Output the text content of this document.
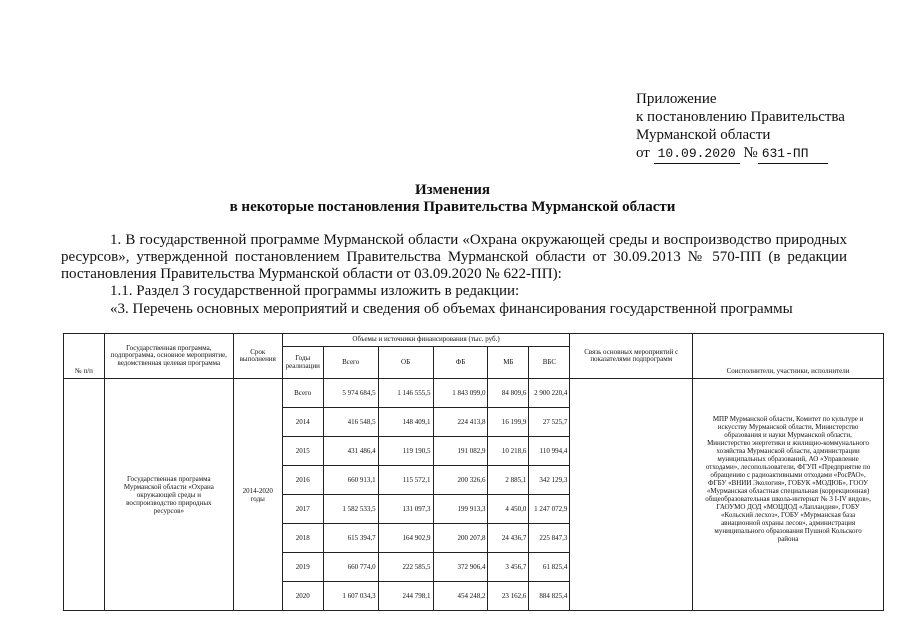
Приложение
к постановлению Правительства
Мурманской области
от 10.09.2020 № 631-ПП
Изменения
в некоторые постановления Правительства Мурманской области
1. В государственной программе Мурманской области «Охрана окружающей среды и воспроизводство природных ресурсов», утвержденной постановлением Правительства Мурманской области от 30.09.2013 № 570-ПП (в редакции постановления Правительства Мурманской области от 03.09.2020 № 622-ПП):
1.1. Раздел 3 государственной программы изложить в редакции:
«3. Перечень основных мероприятий и сведения об объемах финансирования государственной программы
№ п/п	Государственная программа, подпрограмма, основное мероприятие, ведомственная целевая программа	Срок выполнения	Объемы и источники финансирования (тыс. руб.)						Связь основных мероприятий с показателями подпрограмм	Соисполнители, участники, исполнители
			Годы реализации	Всего	ОБ	ФБ	МБ	ВБС		
	Государственная программа Мурманской области «Охрана окружающей среды и воспроизводство природных ресурсов»	2014-2020 годы	Всего	5 974 684,5	1 146 555,5	1 843 099,0	84 809,6	2 900 220,4		МПР Мурманской области, Комитет по культуре и искусству Мурманской области, Министерство образования и науки Мурманской области, Министерство энергетики и жилищно-коммунального хозяйства Мурманской области, администрации муниципальных образований, АО «Управление отходами», лесопользователи, ФГУП «Предприятие по обращению с радиоактивными отходами «РосРАО», ФГБУ «ВНИИ Экология», ГОБУК «МОДЮБ», ГООУ «Мурманская областная специальная (коррекционная) общеобразовательная школа-интернат № 3 I-IV видов», ГАОУМО ДОД «МОЦДОД «Лапландия», ГОБУ «Кольский лесхоз», ГОБУ «Мурманская база авиационной охраны лесов», администрация муниципального образования Пушной Кольского района
			2014	416 548,5	148 409,1	224 413,8	16 199,9	27 525,7		
			2015	431 486,4	119 190,5	191 082,9	10 218,6	110 994,4		
			2016	660 913,1	115 572,1	200 326,6	2 885,1	342 129,3		
			2017	1 582 533,5	131 097,3	199 913,3	4 450,0	1 247 072,9		
			2018	615 394,7	164 902,9	200 207,8	24 436,7	225 847,3		
			2019	660 774,0	222 585,5	372 906,4	3 456,7	61 825,4		
			2020	1 607 034,3	244 798,1	454 248,2	23 162,6	884 825,4		
